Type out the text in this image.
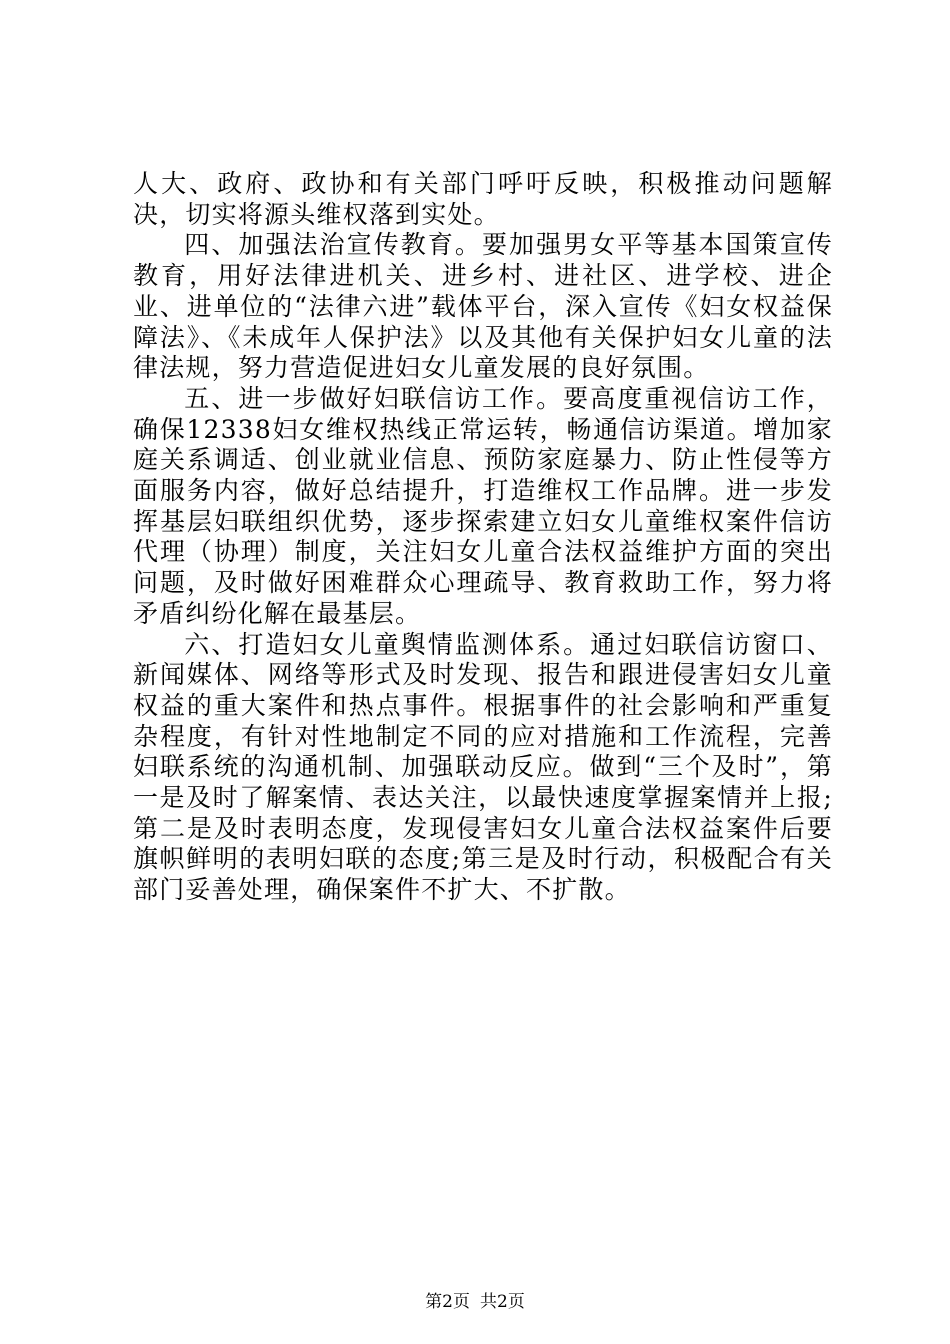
人大、政府、政协和有关部门呼吁反映，积极推动问题解决，切实将源头维权落到实处。

四、加强法治宣传教育。要加强男女平等基本国策宣传教育，用好法律进机关、进乡村、进社区、进学校、进企业、进单位的“法律六进”载体平台，深入宣传《妇女权益保障法》、《未成年人保护法》以及其他有关保护妇女儿童的法律法规，努力营造促进妇女儿童发展的良好氛围。

五、进一步做好妇联信访工作。要高度重视信访工作，确保12338妇女维权热线正常运转，畅通信访渠道。增加家庭关系调适、创业就业信息、预防家庭暴力、防止性侵等方面服务内容，做好总结提升，打造维权工作品牌。进一步发挥基层妇联组织优势，逐步探索建立妇女儿童维权案件信访代理（协理）制度，关注妇女儿童合法权益维护方面的突出问题，及时做好困难群众心理疏导、教育救助工作，努力将矛盾纠纷化解在最基层。

六、打造妇女儿童舆情监测体系。通过妇联信访窗口、新闻媒体、网络等形式及时发现、报告和跟进侵害妇女儿童权益的重大案件和热点事件。根据事件的社会影响和严重复杂程度，有针对性地制定不同的应对措施和工作流程，完善妇联系统的沟通机制、加强联动反应。做到“三个及时”，第一是及时了解案情、表达关注，以最快速度掌握案情并上报;第二是及时表明态度，发现侵害妇女儿童合法权益案件后要旗帜鲜明的表明妇联的态度;第三是及时行动，积极配合有关部门妥善处理，确保案件不扩大、不扩散。

第2页 共2页
